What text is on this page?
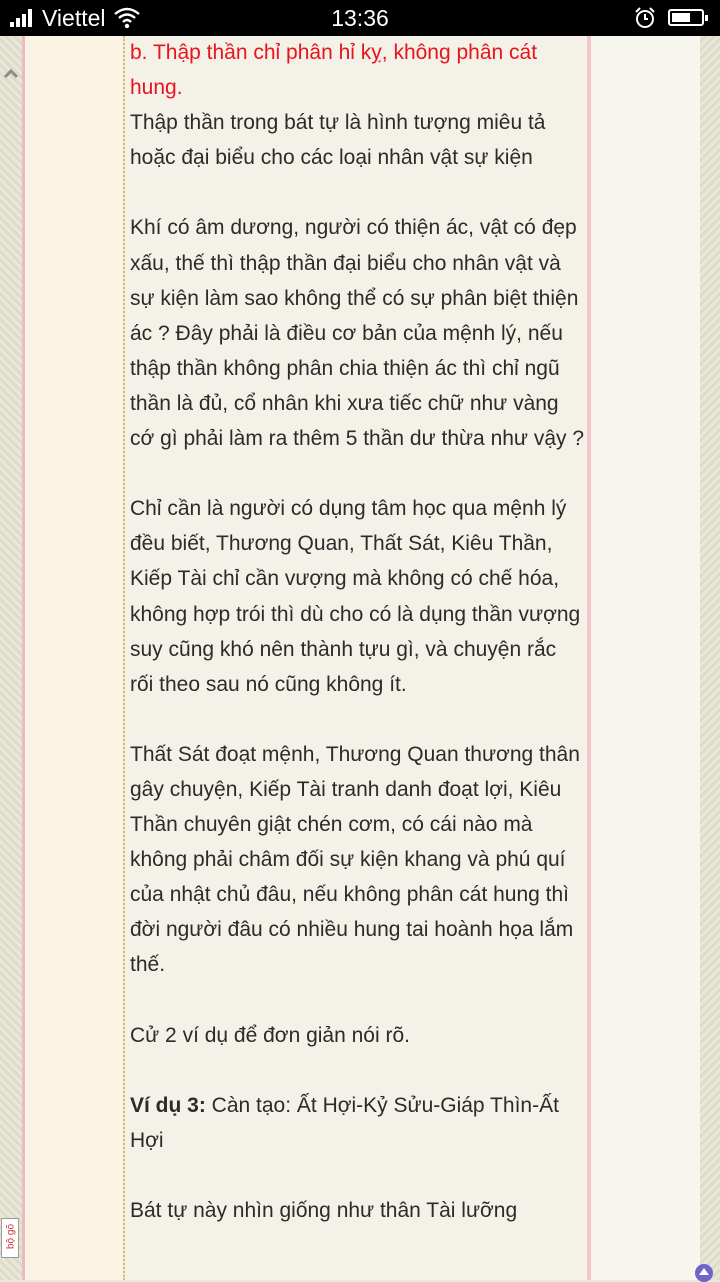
Viettel	13:36
bộ gõ

b. Thập thần chỉ phân hỉ kỵ, không phân cát hung.

Thập thần trong bát tự là hình tượng miêu tả hoặc đại biểu cho các loại nhân vật sự kiện

Khí có âm dương, người có thiện ác, vật có đẹp xấu, thế thì thập thần đại biểu cho nhân vật và sự kiện làm sao không thể có sự phân biệt thiện ác ? Đây phải là điều cơ bản của mệnh lý, nếu thập thần không phân chia thiện ác thì chỉ ngũ thần là đủ, cổ nhân khi xưa tiếc chữ như vàng cớ gì phải làm ra thêm 5 thần dư thừa như vậy ?

Chỉ cần là người có dụng tâm học qua mệnh lý đều biết, Thương Quan, Thất Sát, Kiêu Thần, Kiếp Tài chỉ cần vượng mà không có chế hóa, không hợp trói thì dù cho có là dụng thần vượng suy cũng khó nên thành tựu gì, và chuyện rắc rối theo sau nó cũng không ít.

Thất Sát đoạt mệnh, Thương Quan thương thân gây chuyện, Kiếp Tài tranh danh đoạt lợi, Kiêu Thần chuyên giật chén cơm, có cái nào mà không phải châm đối sự kiện khang và phú quí của nhật chủ đâu, nếu không phân cát hung thì đời người đâu có nhiều hung tai hoành họa lắm thế.

Cử 2 ví dụ để đơn giản nói rõ.

Ví dụ 3: Càn tạo: Ất Hợi-Kỷ Sửu-Giáp Thìn-Ất Hợi

Bát tự này nhìn giống như thân Tài lưỡng
